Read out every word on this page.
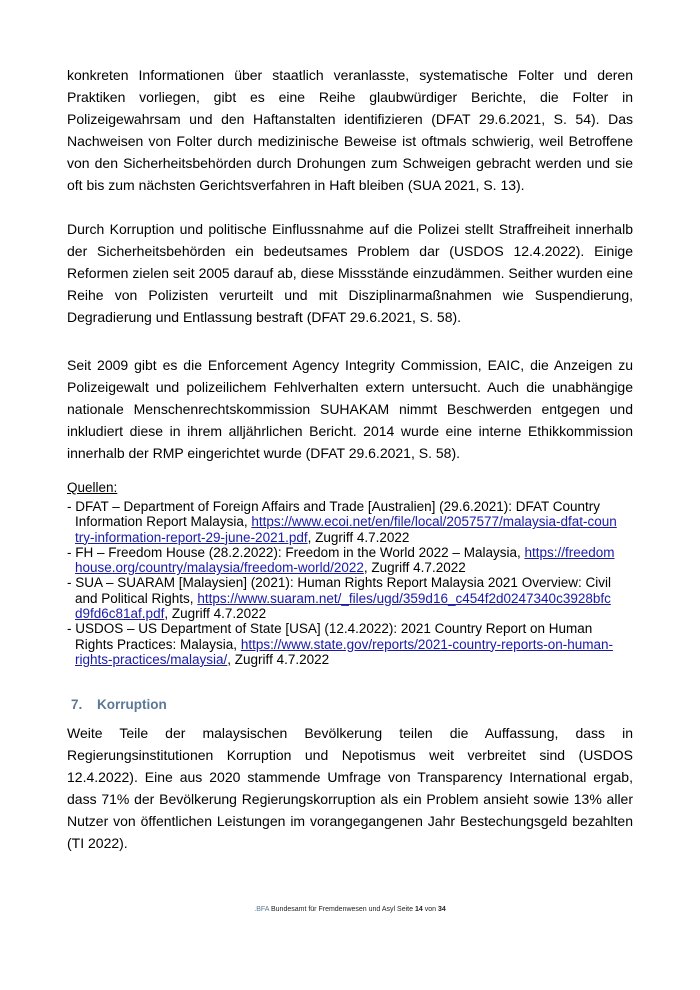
konkreten Informationen über staatlich veranlasste, systematische Folter und deren Praktiken vorliegen, gibt es eine Reihe glaubwürdiger Berichte, die Folter in Polizeigewahrsam und den Haftanstalten identifizieren (DFAT 29.6.2021, S. 54). Das Nachweisen von Folter durch medizinische Beweise ist oftmals schwierig, weil Betroffene von den Sicherheitsbehörden durch Drohungen zum Schweigen gebracht werden und sie oft bis zum nächsten Gerichtsverfahren in Haft bleiben (SUA 2021, S. 13).

Durch Korruption und politische Einflussnahme auf die Polizei stellt Straffreiheit innerhalb der Sicherheitsbehörden ein bedeutsames Problem dar (USDOS 12.4.2022). Einige Reformen zielen seit 2005 darauf ab, diese Missstände einzudämmen. Seither wurden eine Reihe von Polizisten verurteilt und mit Disziplinarmaßnahmen wie Suspendierung, Degradierung und Entlassung bestraft (DFAT 29.6.2021, S. 58).

Seit 2009 gibt es die Enforcement Agency Integrity Commission, EAIC, die Anzeigen zu Polizeigewalt und polizeilichem Fehlverhalten extern untersucht. Auch die unabhängige nationale Menschenrechtskommission SUHAKAM nimmt Beschwerden entgegen und inkludiert diese in ihrem alljährlichen Bericht. 2014 wurde eine interne Ethikkommission innerhalb der RMP eingerichtet wurde (DFAT 29.6.2021, S. 58).

Quellen:
- DFAT – Department of Foreign Affairs and Trade [Australien] (29.6.2021): DFAT Country Information Report Malaysia, https://www.ecoi.net/en/file/local/2057577/malaysia-dfat-country-information-report-29-june-2021.pdf, Zugriff 4.7.2022
- FH – Freedom House (28.2.2022): Freedom in the World 2022 – Malaysia, https://freedomhouse.org/country/malaysia/freedom-world/2022, Zugriff 4.7.2022
- SUA – SUARAM [Malaysien] (2021): Human Rights Report Malaysia 2021 Overview: Civil and Political Rights, https://www.suaram.net/_files/ugd/359d16_c454f2d0247340c3928bfcd9fd6c81af.pdf, Zugriff 4.7.2022
- USDOS – US Department of State [USA] (12.4.2022): 2021 Country Report on Human Rights Practices: Malaysia, https://www.state.gov/reports/2021-country-reports-on-human-rights-practices/malaysia/, Zugriff 4.7.2022
7. Korruption

Weite Teile der malaysischen Bevölkerung teilen die Auffassung, dass in Regierungsinstitutionen Korruption und Nepotismus weit verbreitet sind (USDOS 12.4.2022). Eine aus 2020 stammende Umfrage von Transparency International ergab, dass 71% der Bevölkerung Regierungskorruption als ein Problem ansieht sowie 13% aller Nutzer von öffentlichen Leistungen im vorangegangenen Jahr Bestechungsgeld bezahlten (TI 2022).

.BFA Bundesamt für Fremdenwesen und Asyl Seite 14 von 34
